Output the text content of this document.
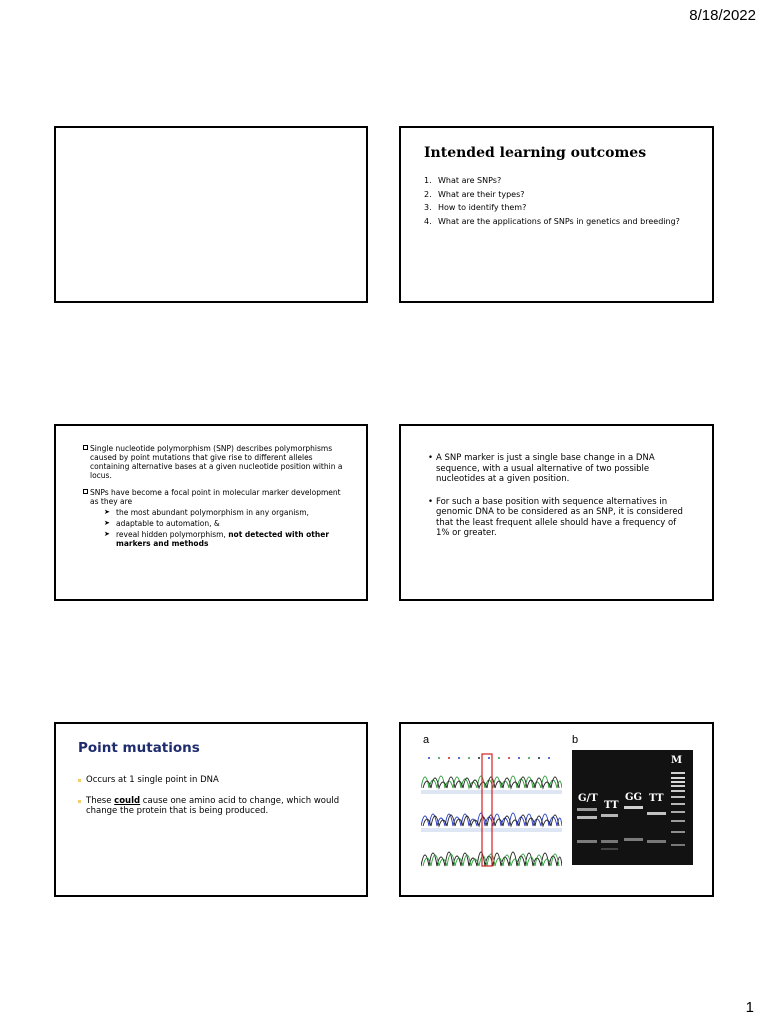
8/18/2022
Intended learning outcomes
1. What are SNPs?
2. What are their types?
3. How to identify them?
4. What are the applications of SNPs in genetics and breeding?
Single nucleotide polymorphism (SNP) describes polymorphisms caused by point mutations that give rise to different alleles containing alternative bases at a given nucleotide position within a locus.
SNPs have become a focal point in molecular marker development as they are
➤ the most abundant polymorphism in any organism,
➤ adaptable to automation, &
➤ reveal hidden polymorphism, not detected with other markers and methods
• A SNP marker is just a single base change in a DNA sequence, with a usual alternative of two possible nucleotides at a given position.
• For such a base position with sequence alternatives in genomic DNA to be considered as an SNP, it is considered that the least frequent allele should have a frequency of 1% or greater.
Point mutations
Occurs at 1 single point in DNA
These could cause one amino acid to change, which would change the protein that is being produced.
a	b
G/T
TT
GG TT
M
1
